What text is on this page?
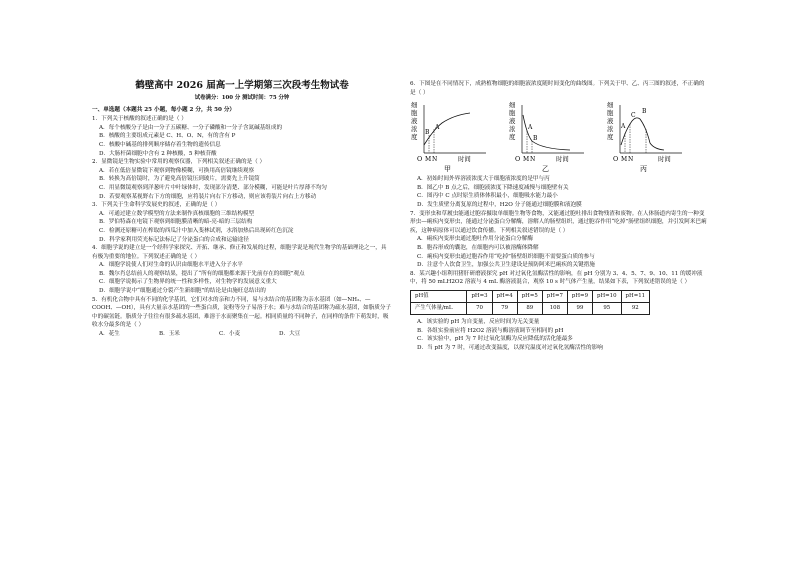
鹤壁高中 2026 届高一上学期第三次段考生物试卷
试卷满分：100 分 测试时间：75 分钟
一、单选题（本题共 25 小题，每小题 2 分，共 50 分）
1．下列关于核酸的叙述正确的是（ ）
A．每个核酸分子是由一分子五碳糖、一分子磷酸和一分子含氮碱基组成的
B．核酸的主要组成元素是 C、H、O、N，有的含有 P
C．核酸中碱基的排列顺序储存着生物的遗传信息
D．大肠杆菌细胞中含有 2 种核酸，5 种核苷酸
2．显微镜是生物实验中常用的观察仪器，下列相关叙述正确的是（ ）
A．若在低倍显微镜下观察到物像模糊，可换用高倍镜继续观察
B．转换为高倍镜时，为了避免高倍镜压到玻片，需要先上升镜筒
C．用显微镜观察到洋葱叶片中叶绿体时，发现部分清楚、部分模糊，可能是叶片厚薄不均匀
D．若要观察某视野右下方的细胞，应将装片向右下方移动，则应该将装片向右上方移动
3．下列关于生命科学发展史的叙述，正确的是（ ）
A．可通过建立数学模型的方法来制作真核细胞的三维结构模型
B．罗伯特森在电镜下观察到细胞膜清晰的暗-亮-暗的三层结构
C．检测还原糖可在榨取的西瓜汁中加入斐林试剂，水浴加热后出现砖红色沉淀
D．科学家利用荧光标记法标记了分泌蛋白的合成和运输途径
4．细胞学说的建立是一个经科学家探究、开拓、继承、修正和发展的过程，细胞学说是现代生物学的基础理论之一，具有极为重要的地位。下列叙述正确的是（ ）
A．细胞学说使人们对生命的认识由细胞水平进入分子水平
B．魏尔肖总结前人的观察结果，提出了“所有的细胞都来源于先前存在的细胞”观点
C．细胞学说揭示了生物界的统一性和多样性，对生物学的发展意义重大
D．细胞学说中“细胞通过分裂产生新细胞”的结论是由施旺总结出的
5．有机化合物中具有不同的化学基团，它们对水的亲和力不同，易与水结合的基团称为亲水基团（如—NH₂、—COOH、—OH），具有大量亲水基团的一些蛋白质，淀粉等分子易溶于水；难与水结合的基团称为疏水基团，如脂质分子中的碳氢链。脂质分子往往有很多疏水基团，难溶于水而聚集在一起。相同质量的不同种子，在同样的条件下萌发时，吸收水分最多的是（ ）
A．花生	B．玉米	C．小麦	D．大豆
6．下图是在不同情况下，成熟植物细胞的细胞液浓度随时间变化的曲线图。下列关于甲、乙、丙三图的叙述，不正确的是（ ）
细胞液浓度
B
A
O M N	时间
甲
细胞液浓度
A
B
O M N	时间
乙
细胞液浓度
A
B
C
O M N	时间
丙
A．初始时间外界溶液浓度大于细胞液浓度的是甲与丙
B．图乙中 B 点之后，细胞液浓度下降速度减慢与细胞壁有关
C．图丙中 C 点时原生质体体积最小，细胞吸水能力最小
D．发生质壁分离复原的过程中，H2O 分子能通过细胞膜和液泡膜
7．变形虫和草履虫能通过胞吞摄取单细胞生物等食物，又能通过胞吐排出食物残渣和废物。在人体肠道内寄生的一种变形虫—痢疾内变形虫，能通过分泌蛋白分解酶，溶解人的肠壁组织，通过胞吞作用“吃掉”肠壁组织细胞，并引发阿米巴痢疾，这种病原体可以通过饮食传播。下列相关叙述错误的是（ ）
A．痢疾内变形虫通过胞吐作用分泌蛋白分解酶
B．胞吞形成的囊泡，在细胞内可以被溶酶体降解
C．痢疾内变形虫通过胞吞作用“吃掉”肠壁组织细胞不需要蛋白质的参与
D．注意个人饮食卫生，加强公共卫生建设是预防阿米巴痢疾的关键措施
8．某兴趣小组利用猪肝研磨液探究 pH 对过氧化氢酶活性的影响，在 pH 分别为 3、4、5、7、9、10、11 的缓冲液中，将 50 mLH2O2 溶液与 4 mL 酶溶液混合，观察 10 s 时气体产生量，结果如下表，下列叙述错误的是（ ）
pH值	pH=3	pH=4	pH=5	pH=7	pH=9	pH=10	pH=11
产生气体量/mL	70	79	89	108	99	95	92
A．该实验的 pH 为自变量，反应时间为无关变量
B．各组实验前应将 H2O2 溶液与酶溶液调节至相同的 pH
C．该实验中，pH 为 7 时过氧化氢酶为反应降低的活化能最多
D．当 pH 为 7 时，可通过改变温度，以探究温度对过氧化氢酶活性的影响
